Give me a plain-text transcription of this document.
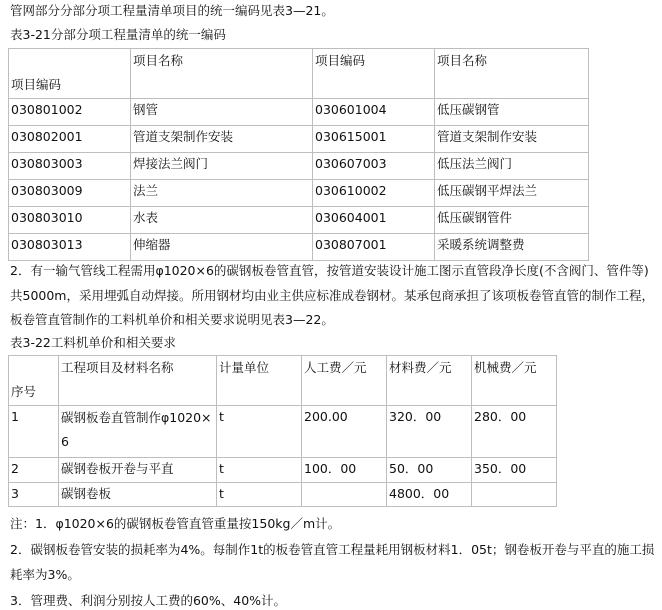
管网部分分部分项工程量清单项目的统一编码见表3—21。
表3-21分部分项工程量清单的统一编码
项目编码	项目名称	项目编码	项目名称

030801002	钢管	030601004	低压碳钢管
030802001	管道支架制作安装	030615001	管道支架制作安装
030803003	焊接法兰阀门	030607003	低压法兰阀门
030803009	法兰	030610002	低压碳钢平焊法兰
030803010	水表	030604001	低压碳钢管件
030803013	伸缩器	030807001	采暖系统调整费
2．有一输气管线工程需用φ1020×6的碳钢板卷管直管，按管道安装设计施工图示直管段净长度(不含阀门、管件等)共5000m，采用埋弧自动焊接。所用钢材均由业主供应标准成卷钢材。某承包商承担了该项板卷管直管的制作工程，板卷管直管制作的工料机单价和相关要求说明见表3—22。
表3-22工料机单价和相关要求
序号	工程项目及材料名称	计量单位	人工费／元	材料费／元	机械费／元

1	碳钢板卷直管制作φ1020×6	t	200.00	320．00	280．00
2	碳钢卷板开卷与平直	t	100．00	50．00	350．00
3	碳钢卷板	t		4800．00	
注：1．φ1020×6的碳钢板卷管直管重量按150kg／m计。
2．碳钢板卷管安装的损耗率为4%。每制作1t的板卷管直管工程量耗用钢板材料1．05t；钢卷板开卷与平直的施工损耗率为3%。
3．管理费、利润分别按人工费的60%、40%计。
